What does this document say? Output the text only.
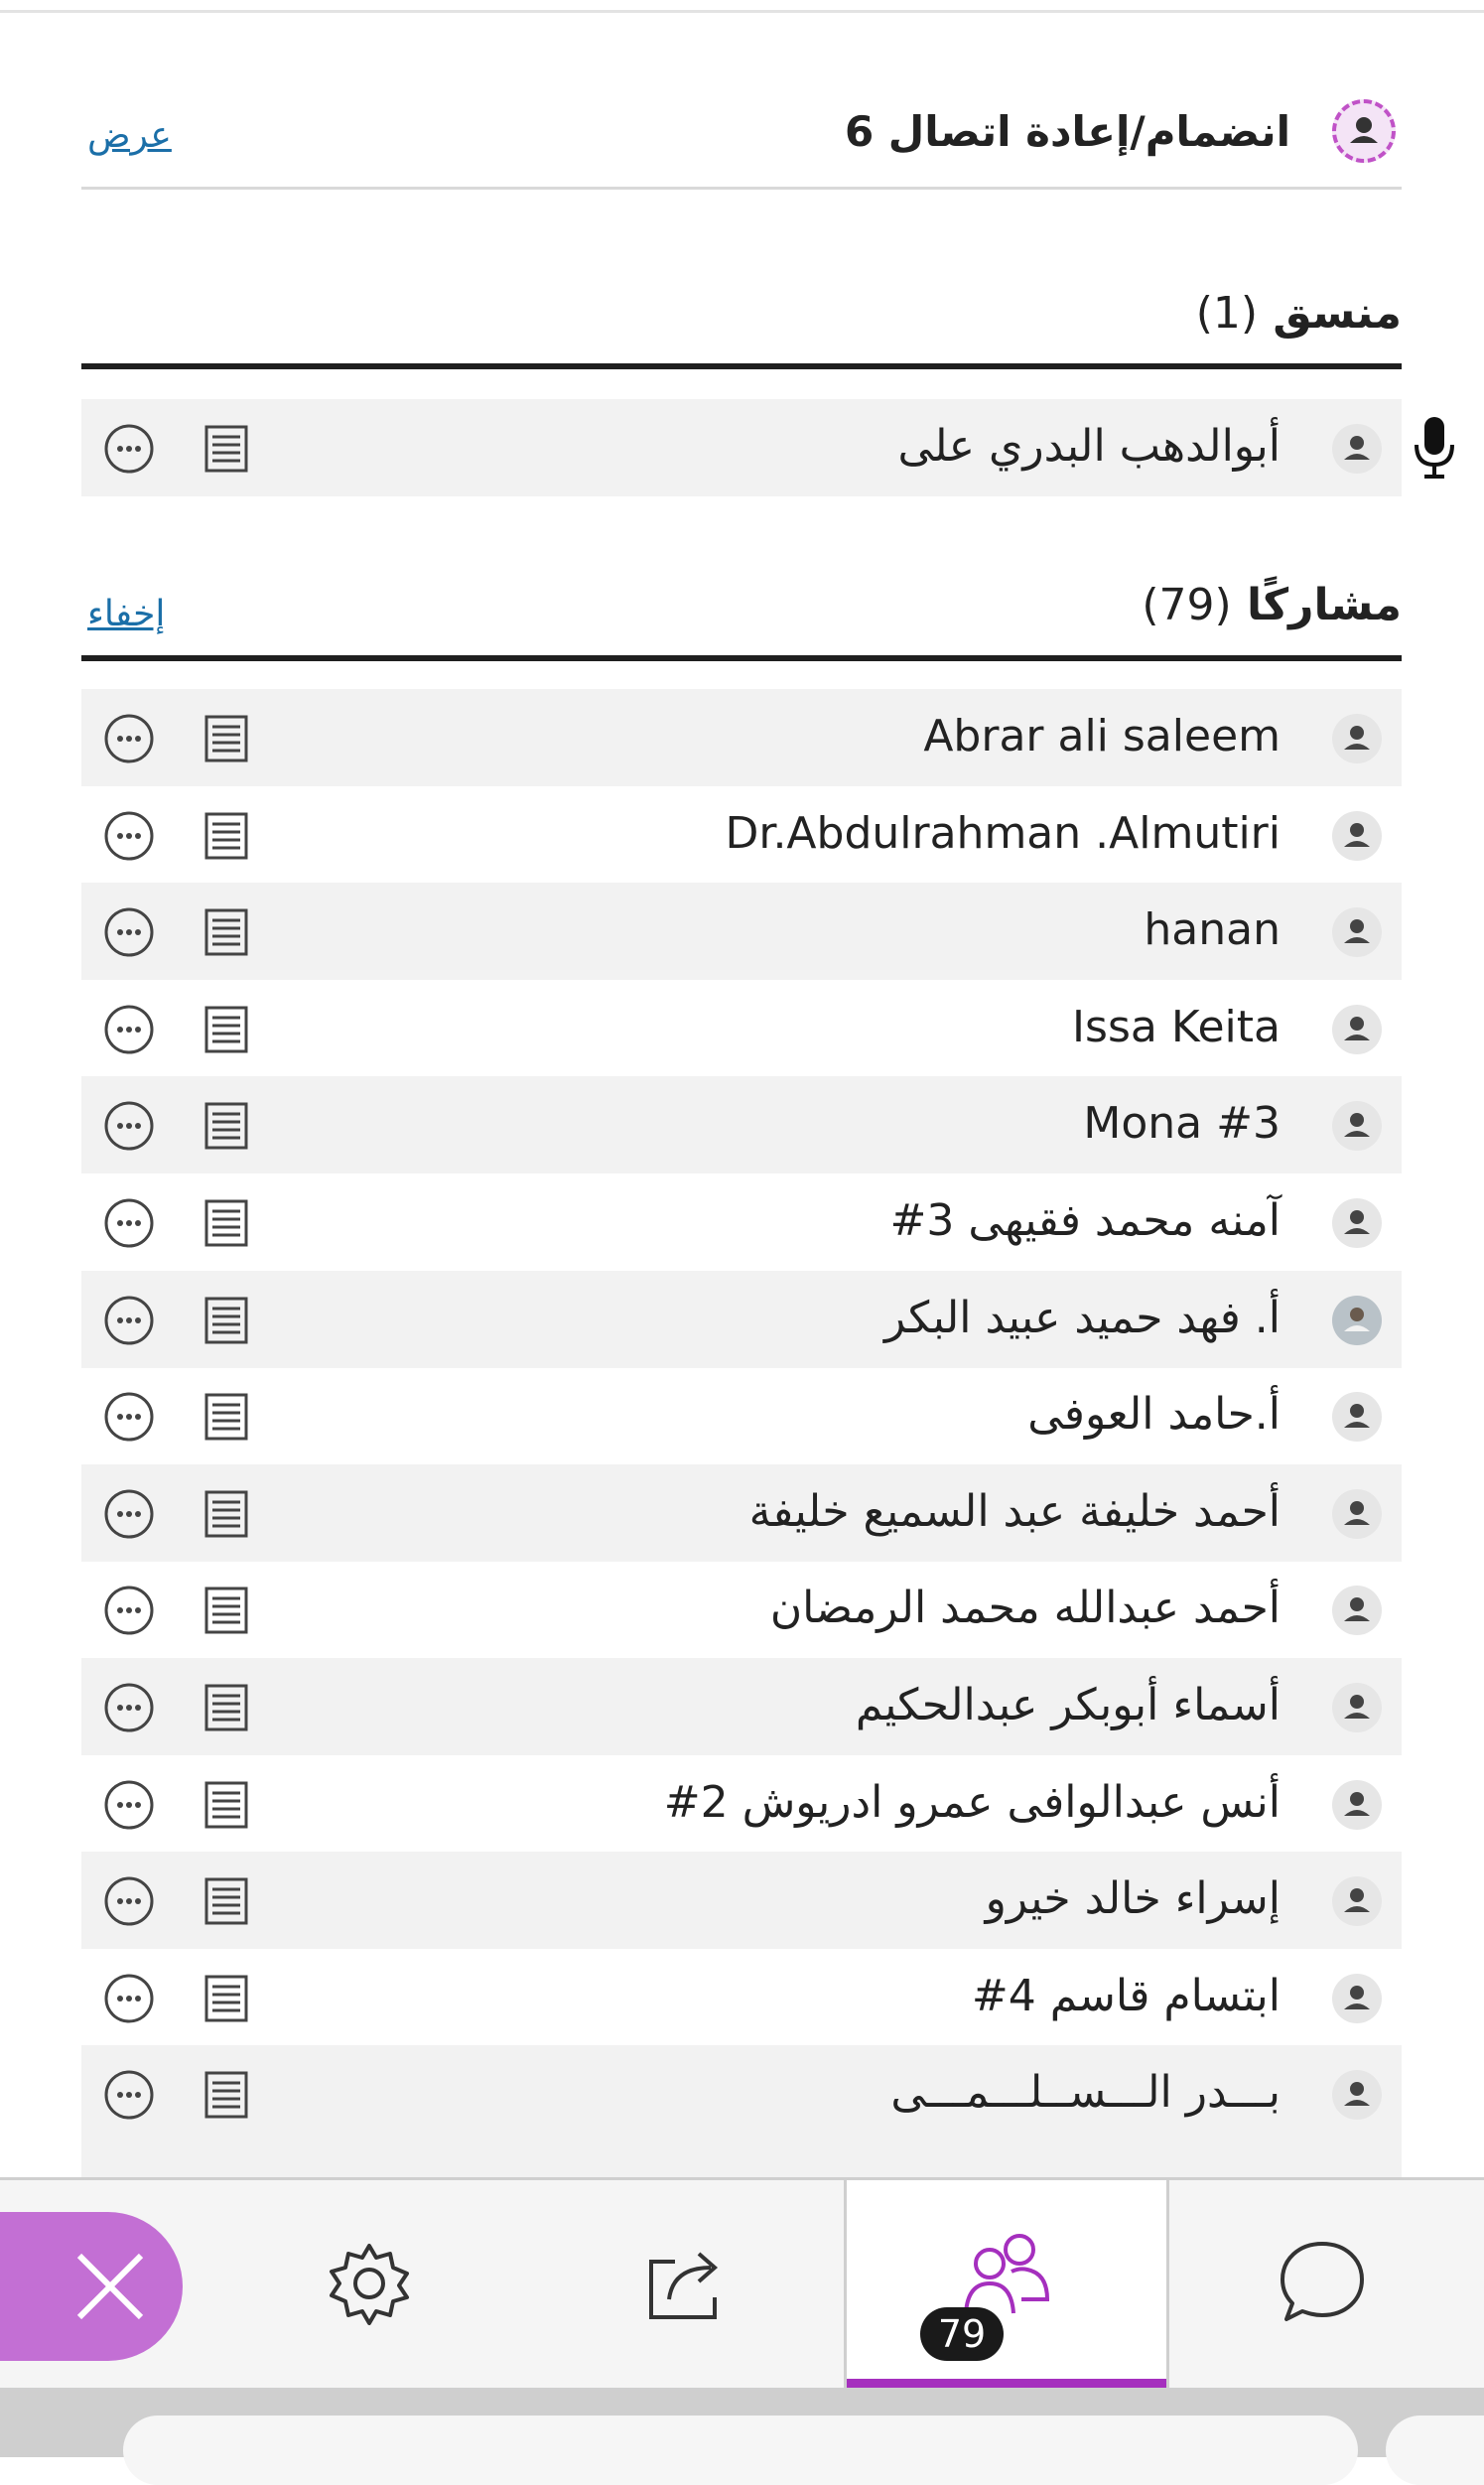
انضمام/إعادة اتصال 6
عرض
منسق (1)
أبوالدهب البدري على
مشاركًا (79)
إخفاء
Abrar ali saleem
Dr.Abdulrahman .Almutiri
hanan
Issa Keita
Mona #3
آمنه محمد فقيهى 3#
أ. فهد حميد عبيد البكر
أ.حامد العوفى
أحمد خليفة عبد السميع خليفة
أحمد عبدالله محمد الرمضان
أسماء أبوبكر عبدالحكيم
أنس عبدالوافى عمرو ادريوش 2#
إسراء خالد خيرو
ابتسام قاسم 4#
بـــدر الـــســلـــمـــى
79
